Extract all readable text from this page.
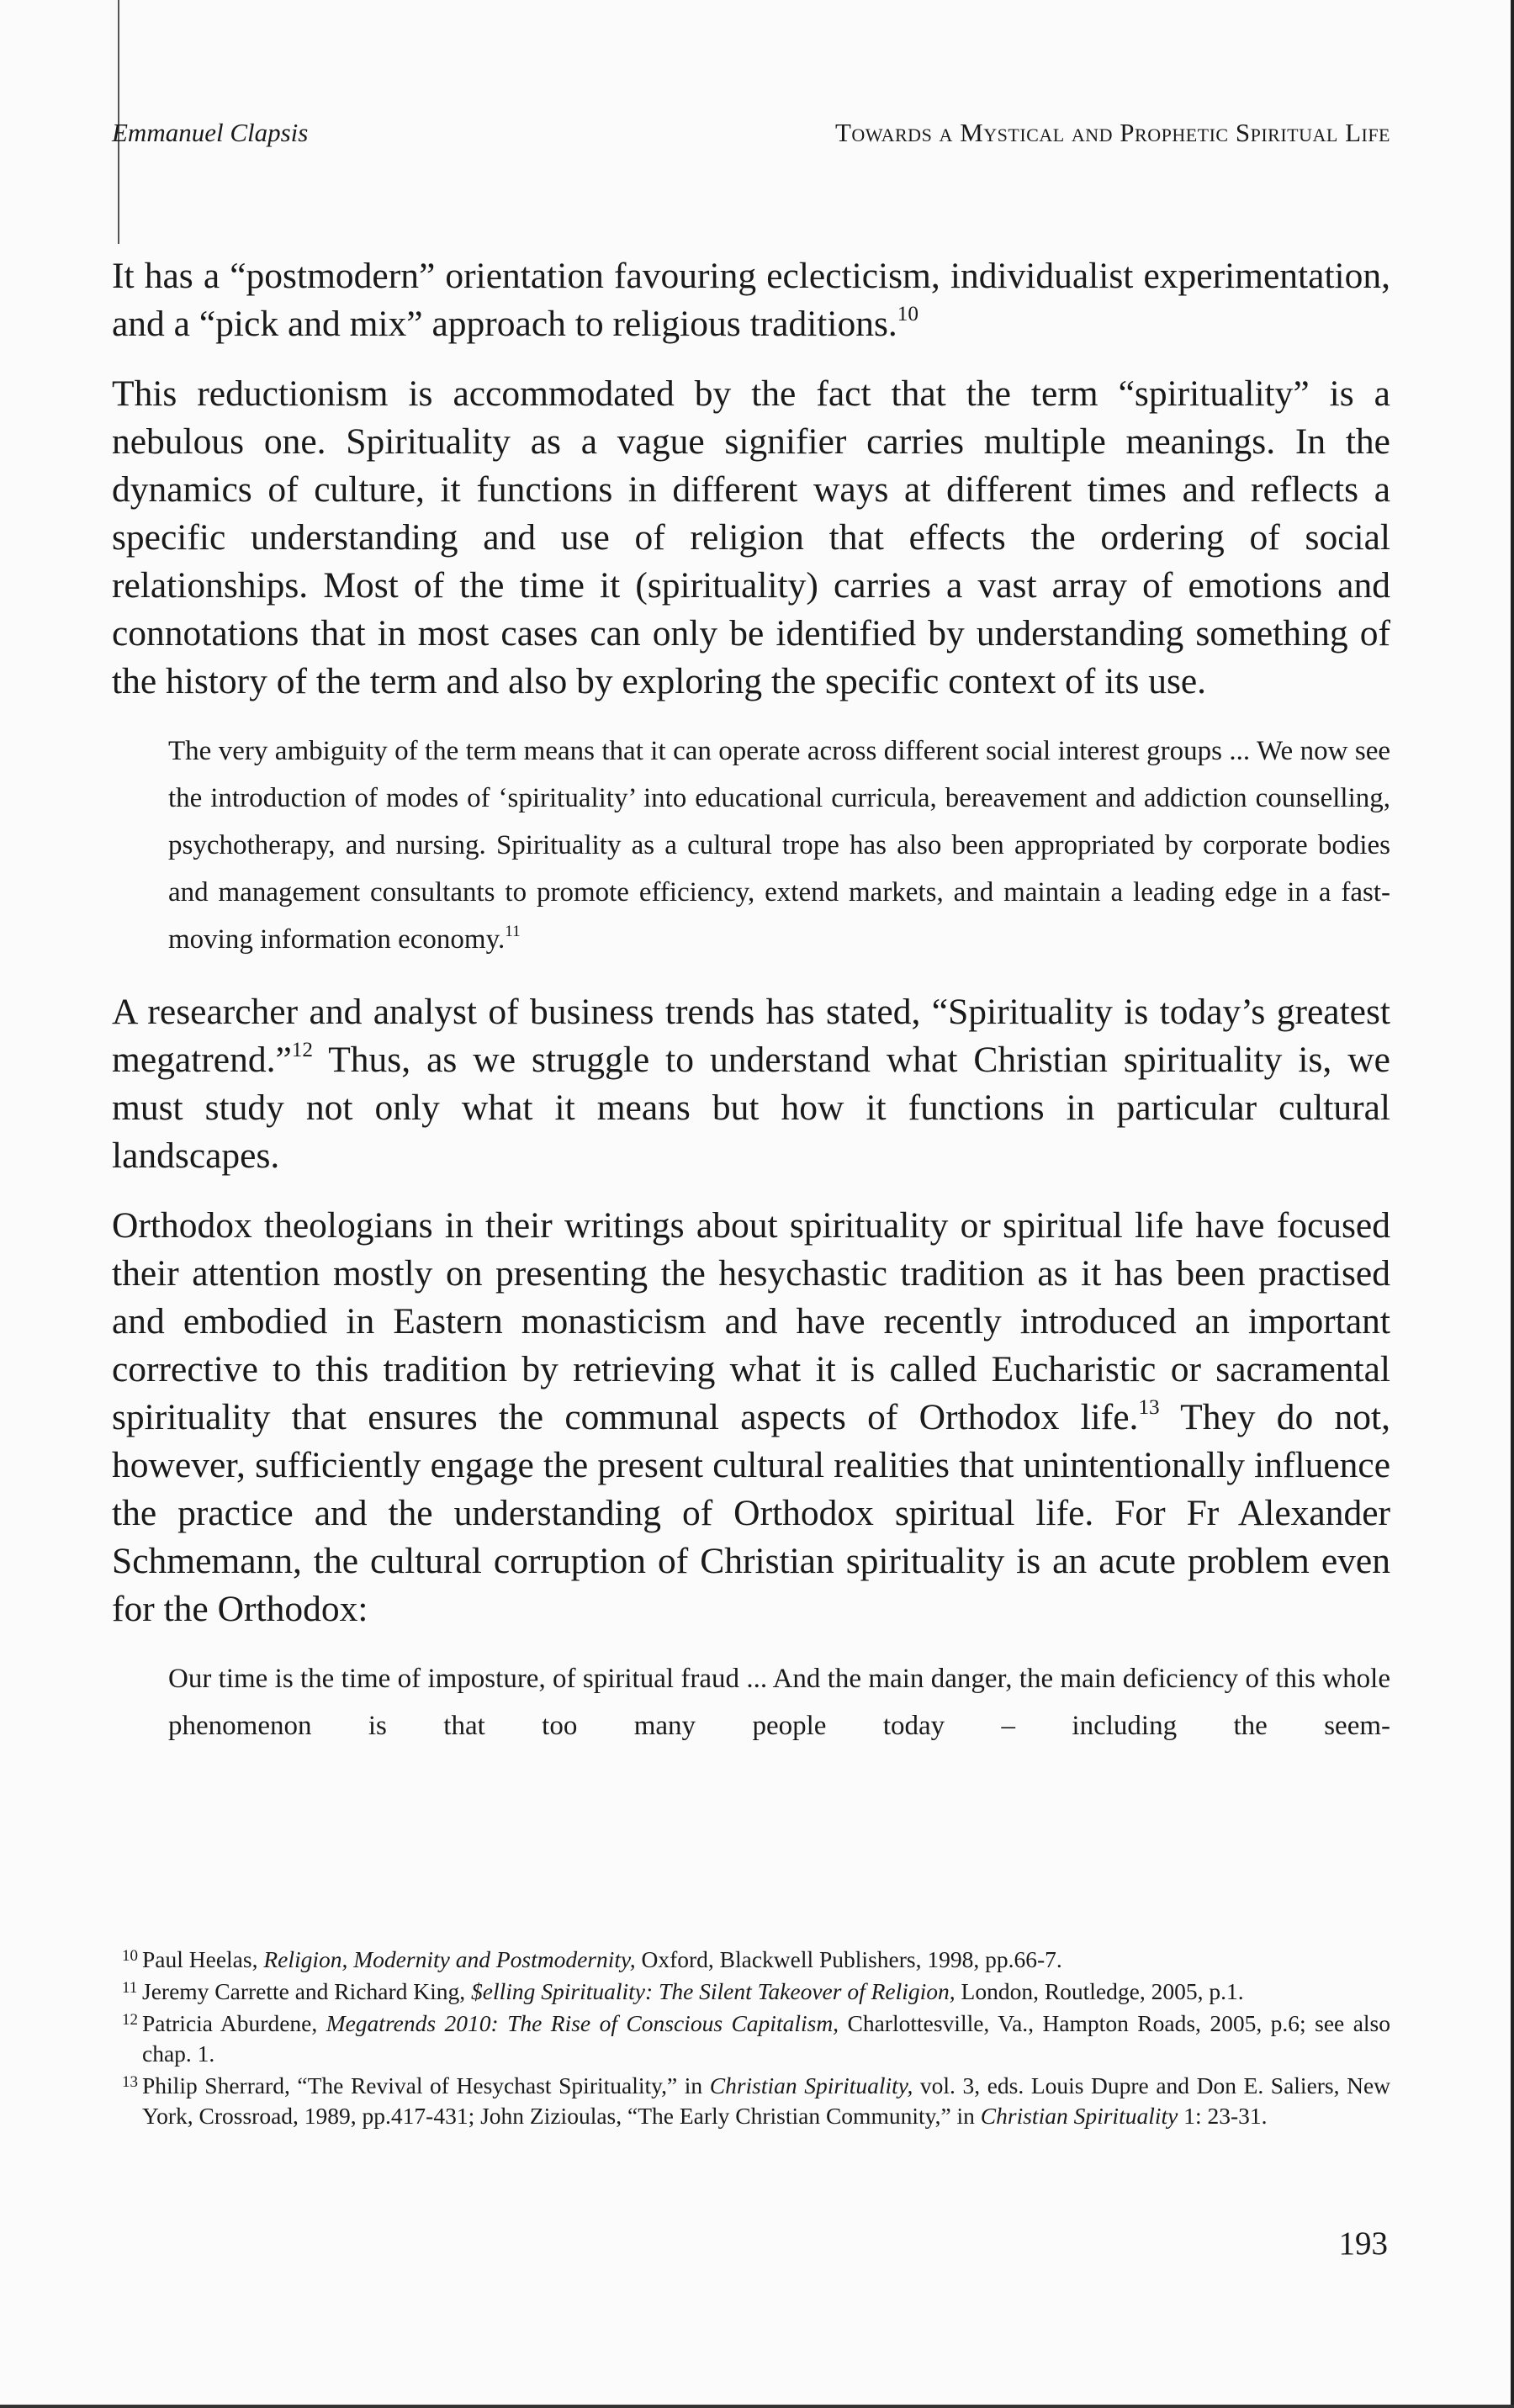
Emmanuel Clapsis	Towards a Mystical and Prophetic Spiritual Life

It has a “postmodern” orientation favouring eclecticism, individualist experimentation, and a “pick and mix” approach to religious traditions.$^{10}$

This reductionism is accommodated by the fact that the term “spirituality” is a nebulous one. Spirituality as a vague signifier carries multiple meanings. In the dynamics of culture, it functions in different ways at different times and reflects a specific understanding and use of religion that effects the ordering of social relationships. Most of the time it (spirituality) carries a vast array of emotions and connotations that in most cases can only be identified by understanding something of the history of the term and also by exploring the specific context of its use.

The very ambiguity of the term means that it can operate across different social interest groups ... We now see the introduction of modes of ‘spirituality’ into educational curricula, bereavement and addiction counselling, psychotherapy, and nursing. Spirituality as a cultural trope has also been appropriated by corporate bodies and management consultants to promote efficiency, extend markets, and maintain a leading edge in a fast-moving information economy.$^{11}$

A researcher and analyst of business trends has stated, “Spirituality is today’s greatest megatrend.”$^{12}$ Thus, as we struggle to understand what Christian spirituality is, we must study not only what it means but how it functions in particular cultural landscapes.

Orthodox theologians in their writings about spirituality or spiritual life have focused their attention mostly on presenting the hesychastic tradition as it has been practised and embodied in Eastern monasticism and have recently introduced an important corrective to this tradition by retrieving what it is called Eucharistic or sacramental spirituality that ensures the communal aspects of Orthodox life.$^{13}$ They do not, however, sufficiently engage the present cultural realities that unintentionally influence the practice and the understanding of Orthodox spiritual life. For Fr Alexander Schmemann, the cultural corruption of Christian spirituality is an acute problem even for the Orthodox:

Our time is the time of imposture, of spiritual fraud ... And the main danger, the main deficiency of this whole phenomenon is that too many people today – including the seem-

10 Paul Heelas, Religion, Modernity and Postmodernity, Oxford, Blackwell Publishers, 1998, pp.66-7.

11 Jeremy Carrette and Richard King, $elling Spirituality: The Silent Takeover of Religion, London, Routledge, 2005, p.1.

12 Patricia Aburdene, Megatrends 2010: The Rise of Conscious Capitalism, Charlottesville, Va., Hampton Roads, 2005, p.6; see also chap. 1.

13 Philip Sherrard, “The Revival of Hesychast Spirituality,” in Christian Spirituality, vol. 3, eds. Louis Dupre and Don E. Saliers, New York, Crossroad, 1989, pp.417-431; John Zizioulas, “The Early Christian Community,” in Christian Spirituality 1: 23-31.

193
